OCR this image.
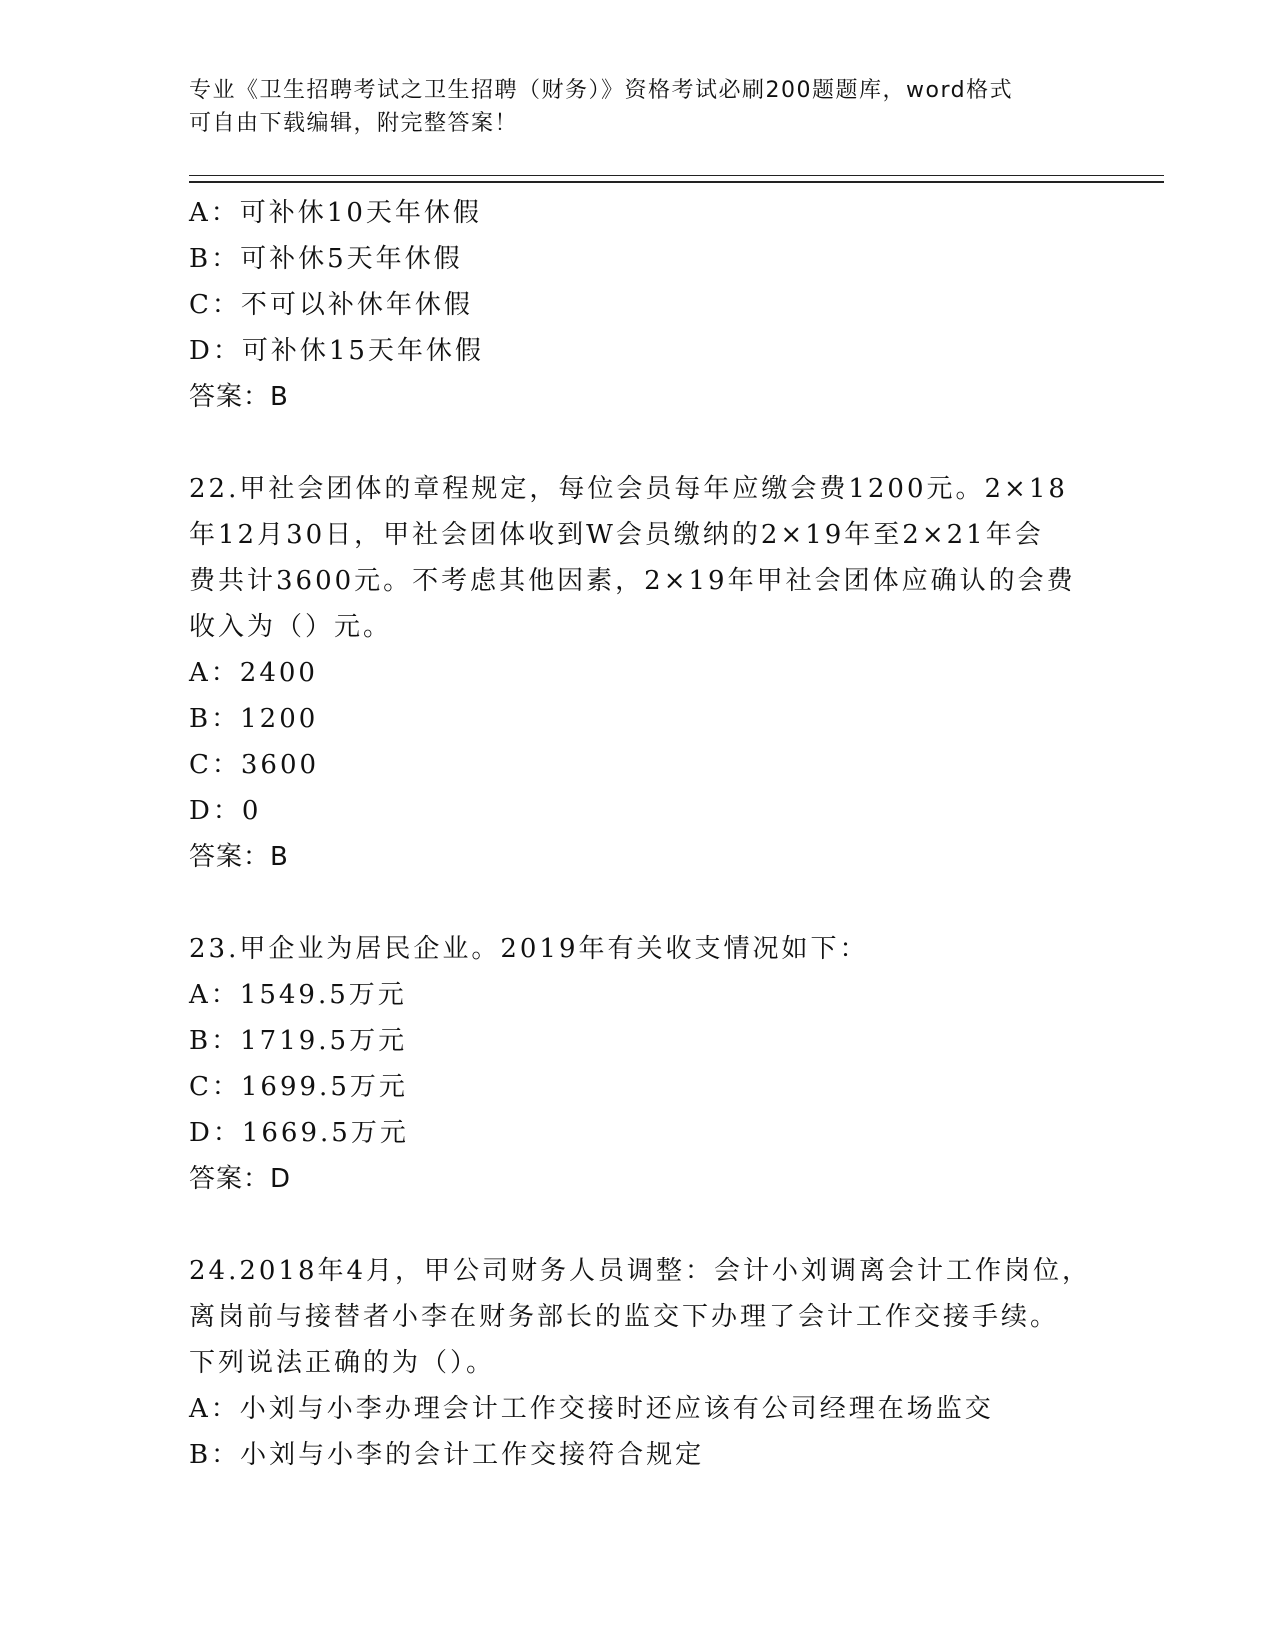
专业《卫生招聘考试之卫生招聘（财务）》资格考试必刷200题题库，word格式
可自由下载编辑，附完整答案！
A：可补休10天年休假
B：可补休5天年休假
C：不可以补休年休假
D：可补休15天年休假
答案：B
22.甲社会团体的章程规定，每位会员每年应缴会费1200元。2×18
年12月30日，甲社会团体收到W会员缴纳的2×19年至2×21年会
费共计3600元。不考虑其他因素，2×19年甲社会团体应确认的会费
收入为（）元。
A：2400
B：1200
C：3600
D：0
答案：B
23.甲企业为居民企业。2019年有关收支情况如下：
A：1549.5万元
B：1719.5万元
C：1699.5万元
D：1669.5万元
答案：D
24.2018年4月，甲公司财务人员调整：会计小刘调离会计工作岗位，
离岗前与接替者小李在财务部长的监交下办理了会计工作交接手续。
下列说法正确的为（）。
A：小刘与小李办理会计工作交接时还应该有公司经理在场监交
B：小刘与小李的会计工作交接符合规定
